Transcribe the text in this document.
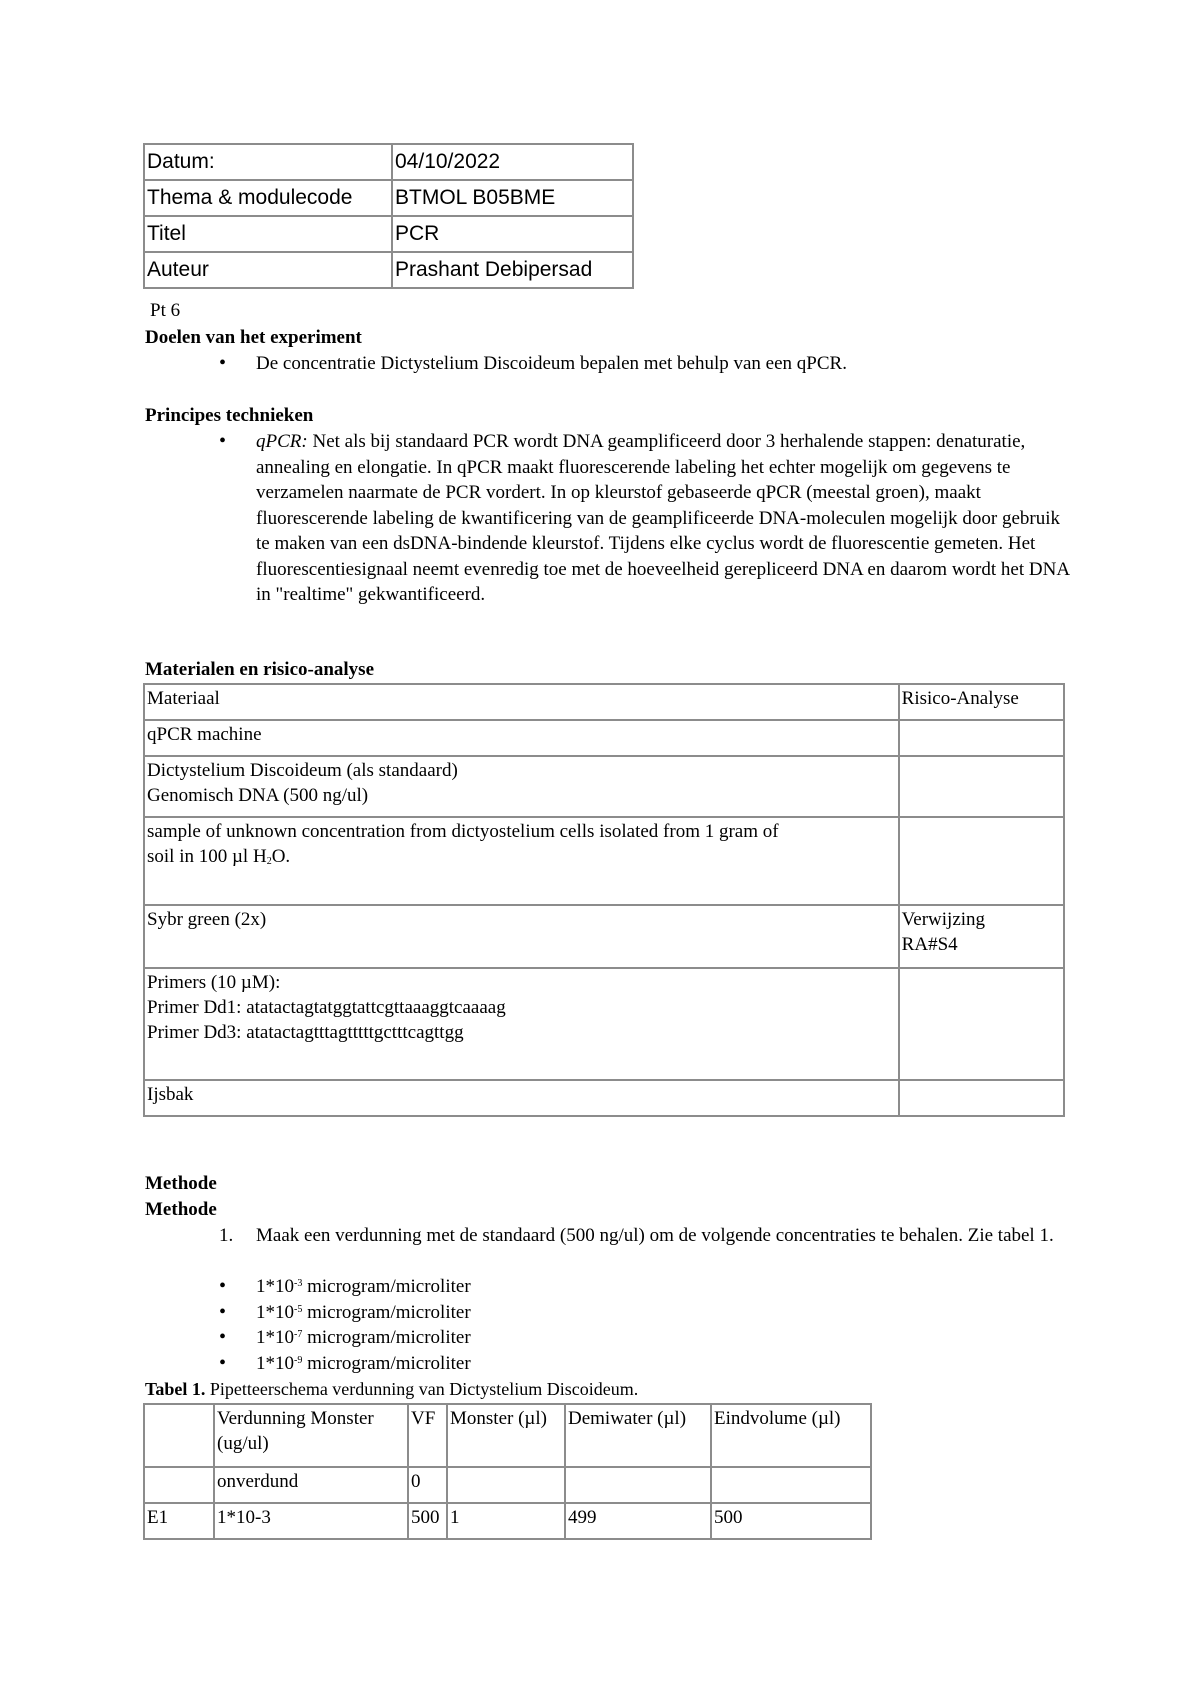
Datum:	04/10/2022
Thema & modulecode	BTMOL B05BME
Titel	PCR
Auteur	Prashant Debipersad
Pt 6
Doelen van het experiment
• De concentratie Dictystelium Discoideum bepalen met behulp van een qPCR.
Principes technieken
• qPCR: Net als bij standaard PCR wordt DNA geamplificeerd door 3 herhalende stappen: denaturatie, annealing en elongatie. In qPCR maakt fluorescerende labeling het echter mogelijk om gegevens te verzamelen naarmate de PCR vordert. In op kleurstof gebaseerde qPCR (meestal groen), maakt fluorescerende labeling de kwantificering van de geamplificeerde DNA-moleculen mogelijk door gebruik te maken van een dsDNA-bindende kleurstof. Tijdens elke cyclus wordt de fluorescentie gemeten. Het fluorescentiesignaal neemt evenredig toe met de hoeveelheid gerepliceerd DNA en daarom wordt het DNA in "realtime" gekwantificeerd.
Materialen en risico-analyse
Materiaal	Risico-Analyse
qPCR machine	

Dictystelium Discoideum (als standaard)
Genomisch DNA (500 ng/ul)	

sample of unknown concentration from dictyostelium cells isolated from 1 gram of
soil in 100 µl $H_2O$.	

Sybr green (2x)	Verwijzing
RA#S4

Primers (10 µM):
Primer Dd1: atatactagtatggtattcgttaaaggtcaaaag
Primer Dd3: atatactagtttagtttttgctttcagttgg	

Ijsbak	
Methode
Methode
1. Maak een verdunning met de standaard (500 ng/ul) om de volgende concentraties te behalen. Zie tabel 1.
• $1*10^{-3}$ microgram/microliter
• $1*10^{-5}$ microgram/microliter
• $1*10^{-7}$ microgram/microliter
• $1*10^{-9}$ microgram/microliter
Tabel 1. Pipetteerschema verdunning van Dictystelium Discoideum.
	Verdunning Monster (ug/ul)	VF	Monster (µl)	Demiwater (µl)	Eindvolume (µl)
	onverdund	0			
E1	1*10-3	500	1	499	500
